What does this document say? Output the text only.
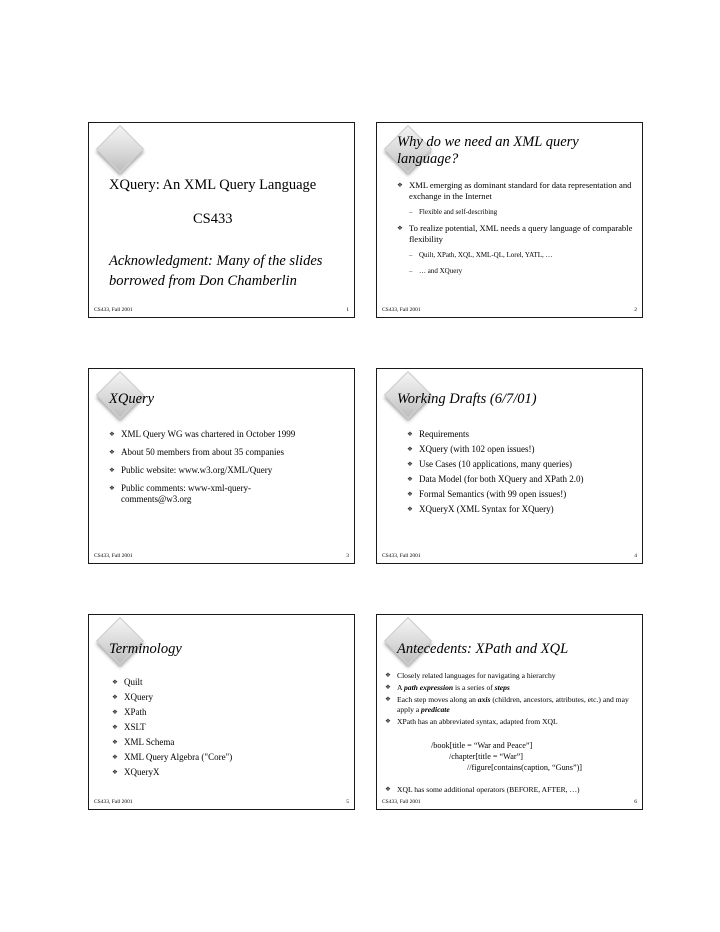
XQuery: An XML Query Language
CS433
Acknowledgment: Many of the slides
borrowed from Don Chamberlin
CS433, Fall 2001	1
Why do we need an XML query language?
❖ XML emerging as dominant standard for data representation and exchange in the Internet
– Flexible and self-describing
❖ To realize potential, XML needs a query language of comparable flexibility
– Quilt, XPath, XQL, XML-QL, Lorel, YATL, …
– … and XQuery
CS433, Fall 2001	2
XQuery
❖ XML Query WG was chartered in October 1999
❖ About 50 members from about 35 companies
❖ Public website: www.w3.org/XML/Query
❖ Public comments: www-xml-query-comments@w3.org
CS433, Fall 2001	3
Working Drafts (6/7/01)
❖ Requirements
❖ XQuery (with 102 open issues!)
❖ Use Cases (10 applications, many queries)
❖ Data Model (for both XQuery and XPath 2.0)
❖ Formal Semantics (with 99 open issues!)
❖ XQueryX (XML Syntax for XQuery)
CS433, Fall 2001	4
Terminology
❖ Quilt
❖ XQuery
❖ XPath
❖ XSLT
❖ XML Schema
❖ XML Query Algebra ("Core")
❖ XQueryX
CS433, Fall 2001	5
Antecedents: XPath and XQL
❖ Closely related languages for navigating a hierarchy
❖ A path expression is a series of steps
❖ Each step moves along an axis (children, ancestors, attributes, etc.) and may apply a predicate
❖ XPath has an abbreviated syntax, adapted from XQL
/book[title = “War and Peace”]
/chapter[title = “War”]
//figure[contains(caption, “Guns”)]
❖ XQL has some additional operators (BEFORE, AFTER, …)
CS433, Fall 2001	6
